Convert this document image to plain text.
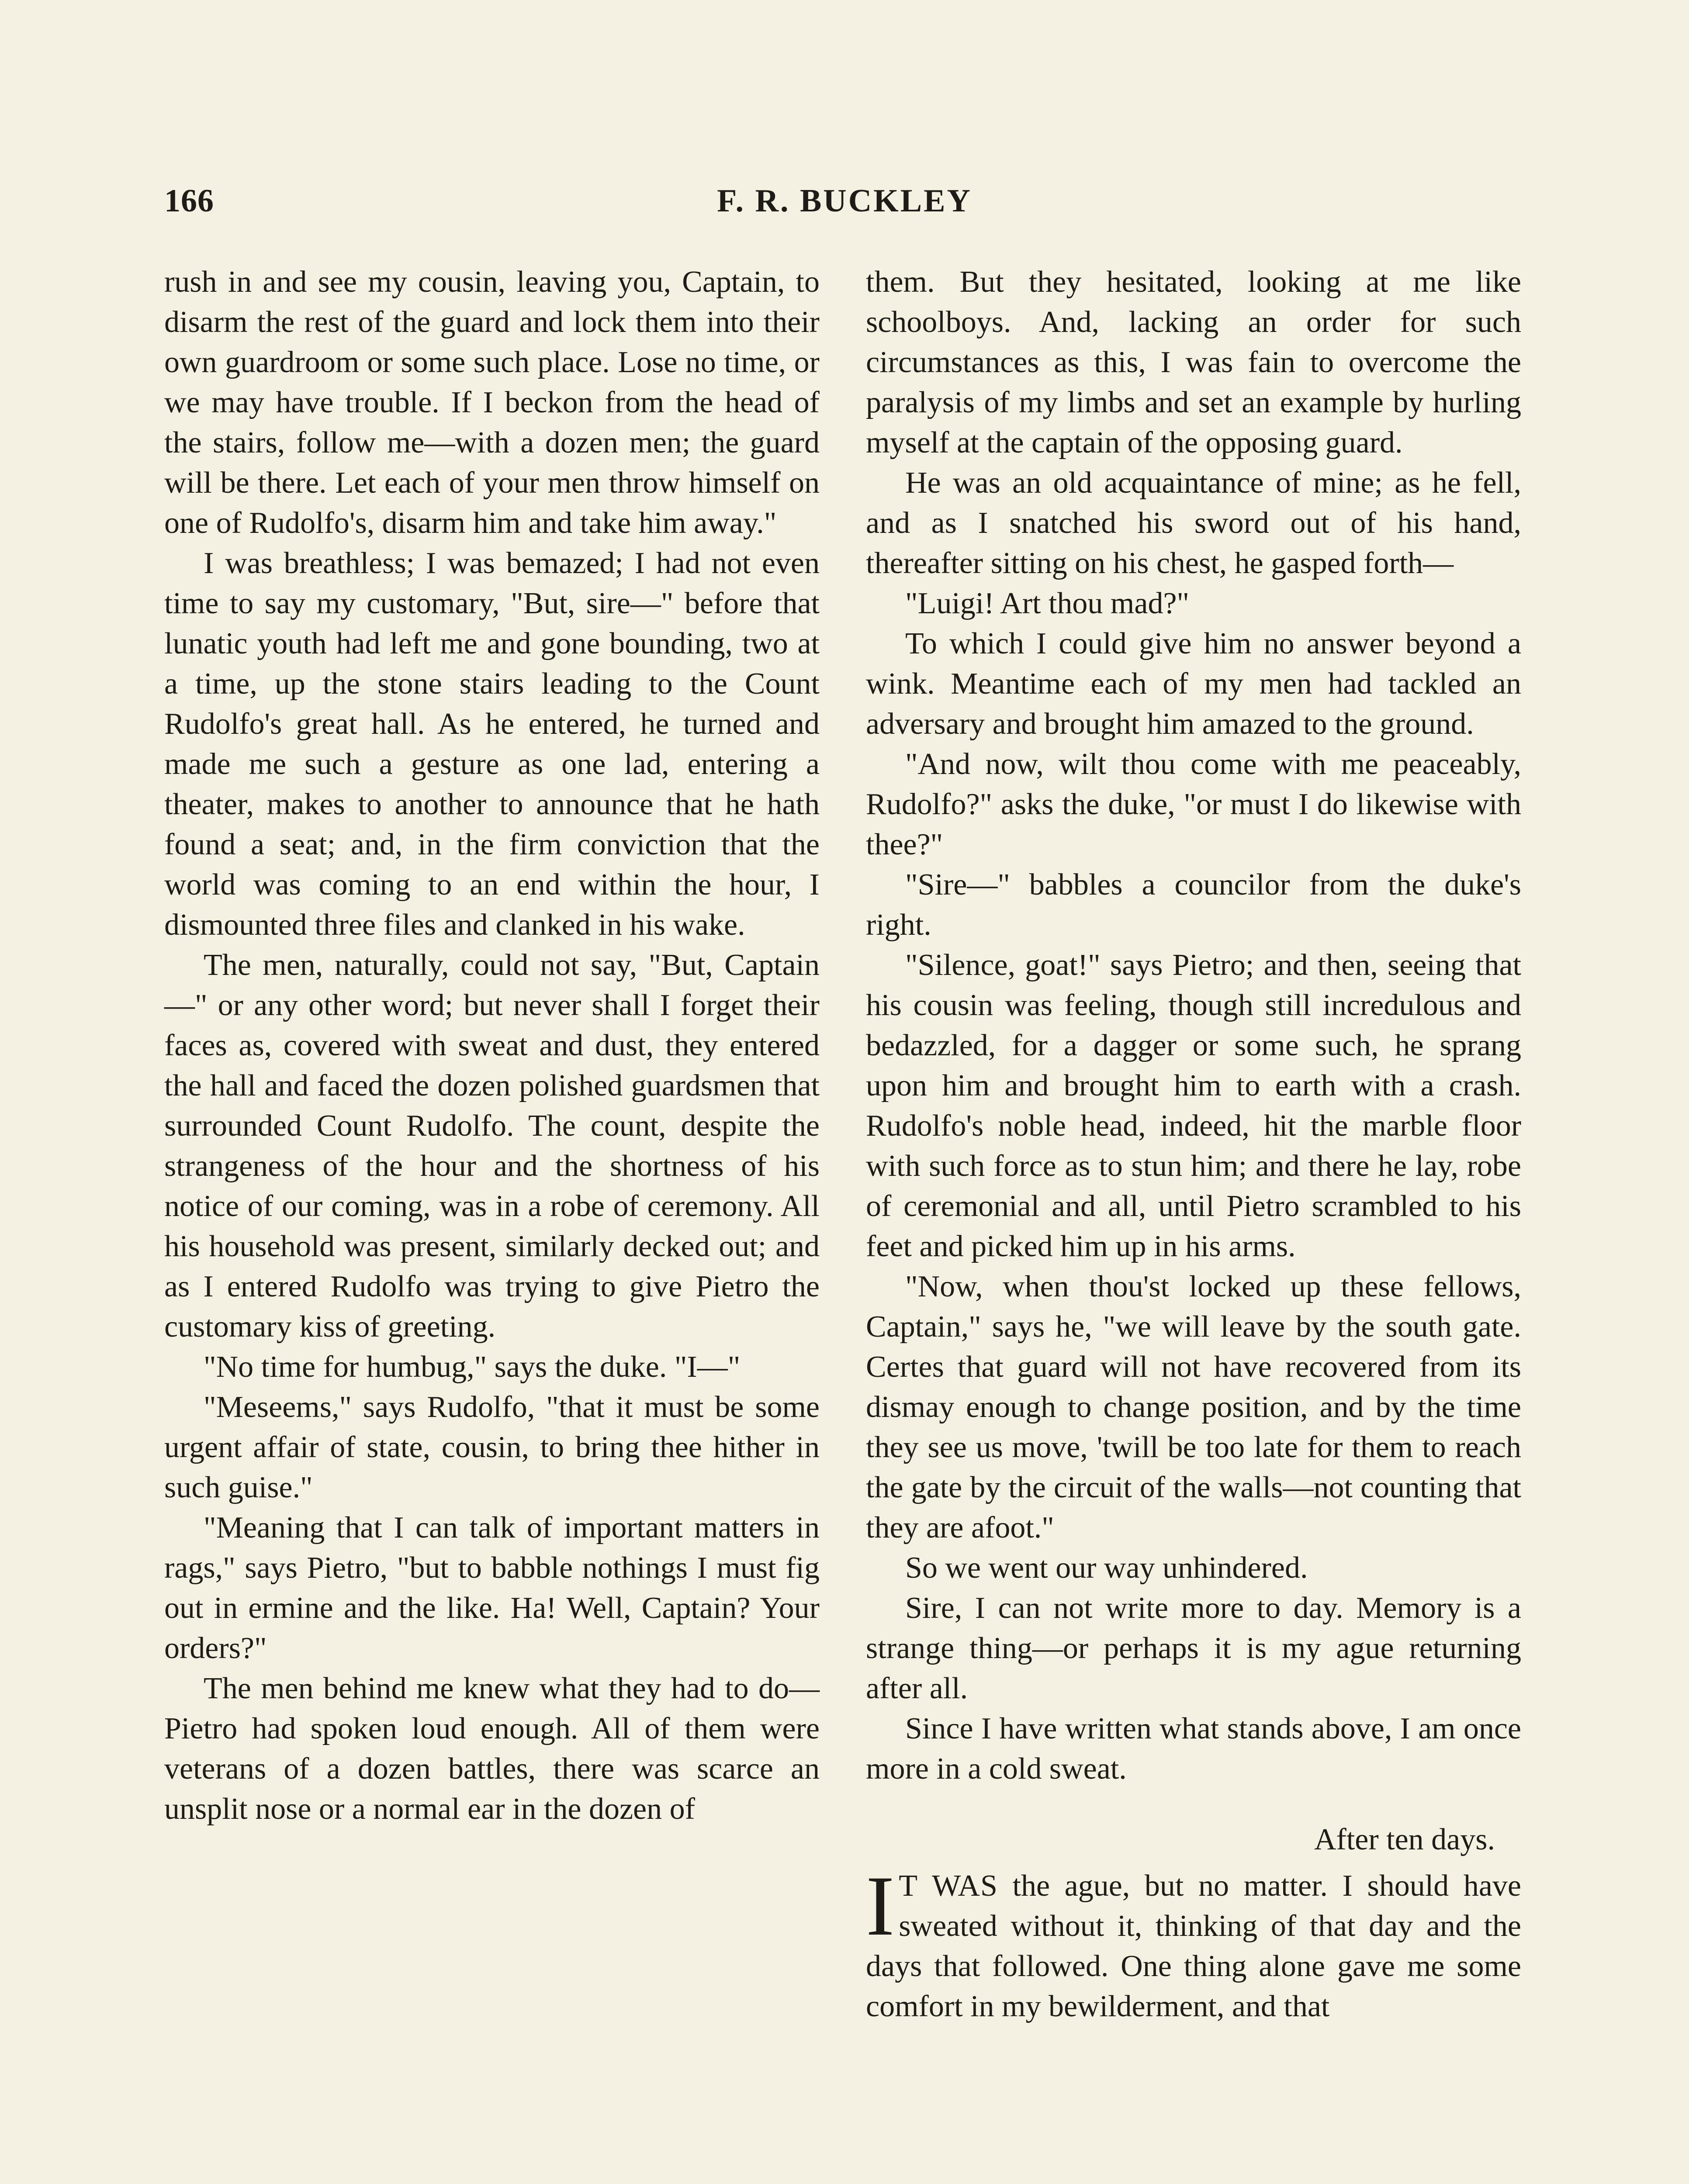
166	F. R. BUCKLEY

rush in and see my cousin, leaving you, Captain, to disarm the rest of the guard and lock them into their own guardroom or some such place. Lose no time, or we may have trouble. If I beckon from the head of the stairs, follow me—with a dozen men; the guard will be there. Let each of your men throw himself on one of Rudolfo's, disarm him and take him away."

I was breathless; I was bemazed; I had not even time to say my customary, "But, sire—" before that lunatic youth had left me and gone bounding, two at a time, up the stone stairs leading to the Count Rudolfo's great hall. As he entered, he turned and made me such a gesture as one lad, entering a theater, makes to another to announce that he hath found a seat; and, in the firm conviction that the world was coming to an end within the hour, I dismounted three files and clanked in his wake.

The men, naturally, could not say, "But, Captain—" or any other word; but never shall I forget their faces as, covered with sweat and dust, they entered the hall and faced the dozen polished guardsmen that surrounded Count Rudolfo. The count, despite the strangeness of the hour and the shortness of his notice of our coming, was in a robe of ceremony. All his household was present, similarly decked out; and as I entered Rudolfo was trying to give Pietro the customary kiss of greeting.

"No time for humbug," says the duke. "I—"

"Meseems," says Rudolfo, "that it must be some urgent affair of state, cousin, to bring thee hither in such guise."

"Meaning that I can talk of important matters in rags," says Pietro, "but to babble nothings I must fig out in ermine and the like. Ha! Well, Captain? Your orders?"

The men behind me knew what they had to do—Pietro had spoken loud enough. All of them were veterans of a dozen battles, there was scarce an unsplit nose or a normal ear in the dozen of

them. But they hesitated, looking at me like schoolboys. And, lacking an order for such circumstances as this, I was fain to overcome the paralysis of my limbs and set an example by hurling myself at the captain of the opposing guard.

He was an old acquaintance of mine; as he fell, and as I snatched his sword out of his hand, thereafter sitting on his chest, he gasped forth—

"Luigi! Art thou mad?"

To which I could give him no answer beyond a wink. Meantime each of my men had tackled an adversary and brought him amazed to the ground.

"And now, wilt thou come with me peaceably, Rudolfo?" asks the duke, "or must I do likewise with thee?"

"Sire—" babbles a councilor from the duke's right.

"Silence, goat!" says Pietro; and then, seeing that his cousin was feeling, though still incredulous and bedazzled, for a dagger or some such, he sprang upon him and brought him to earth with a crash. Rudolfo's noble head, indeed, hit the marble floor with such force as to stun him; and there he lay, robe of ceremonial and all, until Pietro scrambled to his feet and picked him up in his arms.

"Now, when thou'st locked up these fellows, Captain," says he, "we will leave by the south gate. Certes that guard will not have recovered from its dismay enough to change position, and by the time they see us move, 'twill be too late for them to reach the gate by the circuit of the walls—not counting that they are afoot."

So we went our way unhindered.

Sire, I can not write more to day. Memory is a strange thing—or perhaps it is my ague returning after all.

Since I have written what stands above, I am once more in a cold sweat.

After ten days.

I T WAS the ague, but no matter. I should have sweated without it, thinking of that day and the days that followed. One thing alone gave me some comfort in my bewilderment, and that
